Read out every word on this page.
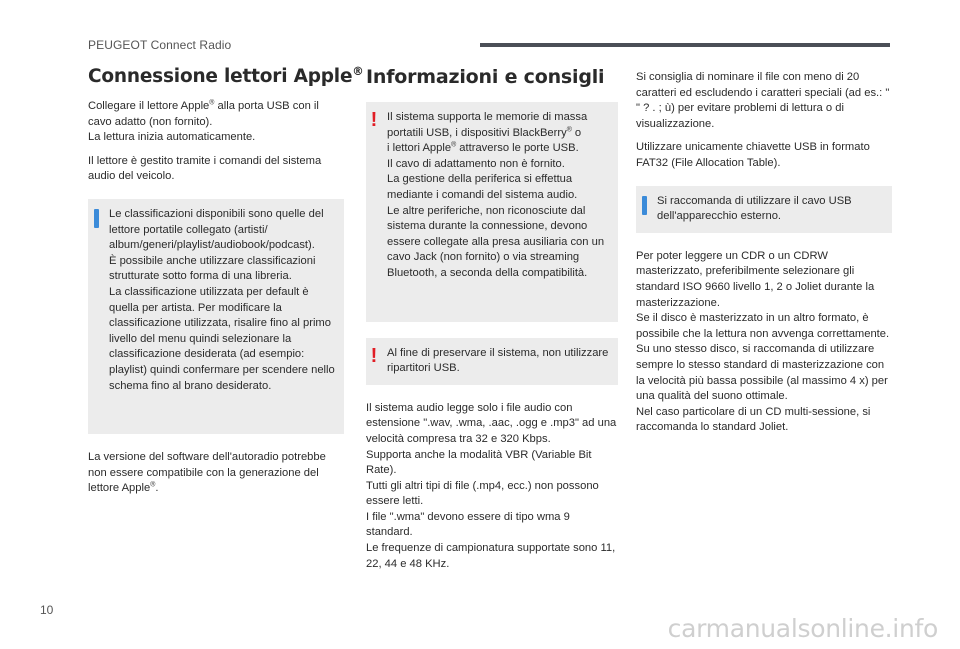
PEUGEOT Connect Radio
Connessione lettori Apple®

Collegare il lettore Apple® alla porta USB con il cavo adatto (non fornito).
La lettura inizia automaticamente.

Il lettore è gestito tramite i comandi del sistema audio del veicolo.

Le classificazioni disponibili sono quelle del lettore portatile collegato (artisti/ album/generi/playlist/audiobook/podcast).
È possibile anche utilizzare classificazioni strutturate sotto forma di una libreria.
La classificazione utilizzata per default è quella per artista. Per modificare la classificazione utilizzata, risalire fino al primo livello del menu quindi selezionare la classificazione desiderata (ad esempio: playlist) quindi confermare per scendere nello schema fino al brano desiderato.

La versione del software dell'autoradio potrebbe non essere compatibile con la generazione del lettore Apple®.

Informazioni e consigli
! Il sistema supporta le memorie di massa portatili USB, i dispositivi BlackBerry® o
i lettori Apple® attraverso le porte USB.
Il cavo di adattamento non è fornito.
La gestione della periferica si effettua mediante i comandi del sistema audio.
Le altre periferiche, non riconosciute dal sistema durante la connessione, devono essere collegate alla presa ausiliaria con un cavo Jack (non fornito) o via streaming Bluetooth, a seconda della compatibilità.

! Al fine di preservare il sistema, non utilizzare ripartitori USB.

Il sistema audio legge solo i file audio con estensione ".wav, .wma, .aac, .ogg e .mp3" ad una velocità compresa tra 32 e 320 Kbps.
Supporta anche la modalità VBR (Variable Bit Rate).
Tutti gli altri tipi di file (.mp4, ecc.) non possono essere letti.
I file ".wma" devono essere di tipo wma 9 standard.
Le frequenze di campionatura supportate sono 11, 22, 44 e 48 KHz.

Si consiglia di nominare il file con meno di 20 caratteri ed escludendo i caratteri speciali (ad es.: " " ? . ; ù) per evitare problemi di lettura o di visualizzazione.

Utilizzare unicamente chiavette USB in formato FAT32 (File Allocation Table).

Si raccomanda di utilizzare il cavo USB dell'apparecchio esterno.

Per poter leggere un CDR o un CDRW masterizzato, preferibilmente selezionare gli standard ISO 9660 livello 1, 2 o Joliet durante la masterizzazione.
Se il disco è masterizzato in un altro formato, è possibile che la lettura non avvenga correttamente.
Su uno stesso disco, si raccomanda di utilizzare sempre lo stesso standard di masterizzazione con la velocità più bassa possibile (al massimo 4 x) per una qualità del suono ottimale.
Nel caso particolare di un CD multi-sessione, si raccomanda lo standard Joliet.

10
carmanualsonline.info
